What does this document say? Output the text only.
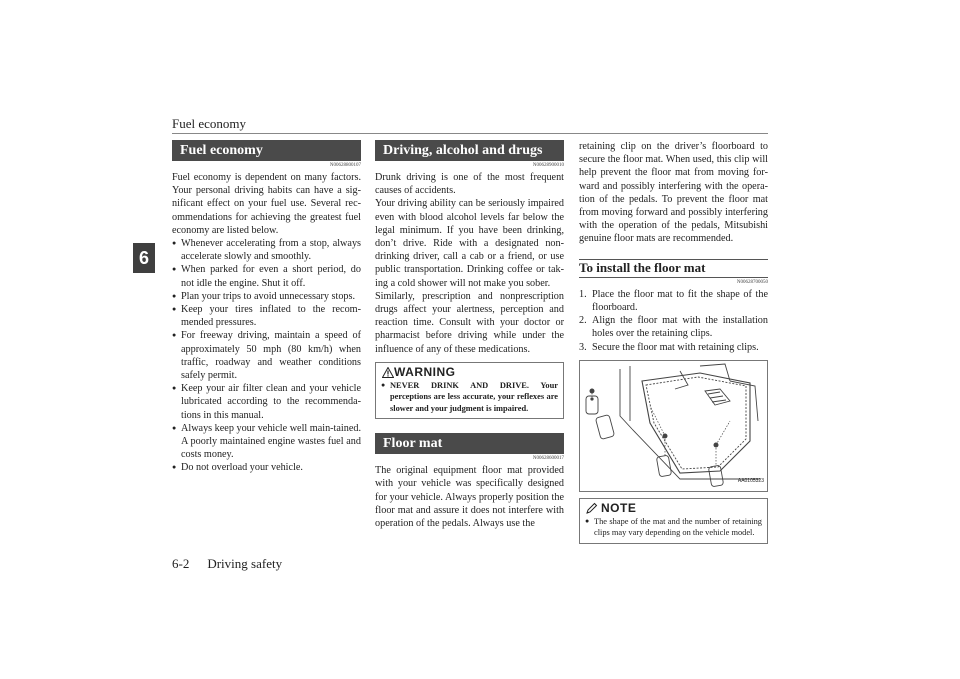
Fuel economy
6
Fuel economy
N00628800107

Fuel economy is dependent on many factors. Your personal driving habits can have a sig-nificant effect on your fuel use. Several rec-ommendations for achieving the greatest fuel economy are listed below.

● Whenever accelerating from a stop, always accelerate slowly and smoothly.
● When parked for even a short period, do not idle the engine. Shut it off.
● Plan your trips to avoid unnecessary stops.
● Keep your tires inflated to the recom-mended pressures.
● For freeway driving, maintain a speed of approximately 50 mph (80 km/h) when traffic, roadway and weather conditions safely permit.
● Keep your air filter clean and your vehicle lubricated according to the recommenda-tions in this manual.
● Always keep your vehicle well main-tained. A poorly maintained engine wastes fuel and costs money.
● Do not overload your vehicle.
Driving, alcohol and drugs
N00628900010

Drunk driving is one of the most frequent causes of accidents.

Your driving ability can be seriously impaired even with blood alcohol levels far below the legal minimum. If you have been drinking, don’t drive. Ride with a designated non-drinking driver, call a cab or a friend, or use public transportation. Drinking coffee or tak-ing a cold shower will not make you sober.

Similarly, prescription and nonprescription drugs affect your alertness, perception and reaction time. Consult with your doctor or pharmacist before driving while under the influence of any of these medications.

WARNING
● NEVER DRINK AND DRIVE. Your perceptions are less accurate, your reflexes are slower and your judgment is impaired.
Floor mat
N00628600017

The original equipment floor mat provided with your vehicle was specifically designed for your vehicle. Always properly position the floor mat and assure it does not interfere with operation of the pedals. Always use the

retaining clip on the driver’s floorboard to secure the floor mat. When used, this clip will help prevent the floor mat from moving for-ward and possibly interfering with the opera-tion of the pedals. To prevent the floor mat from moving forward and possibly interfering with the operation of the pedals, Mitsubishi genuine floor mats are recommended.

To install the floor mat
N00628700050
1. Place the floor mat to fit the shape of the floorboard.
2. Align the floor mat with the installation holes over the retaining clips.
3. Secure the floor mat with retaining clips.
AA0105323
NOTE
● The shape of the mat and the number of retaining clips may vary depending on the vehicle model.
6-2 Driving safety
